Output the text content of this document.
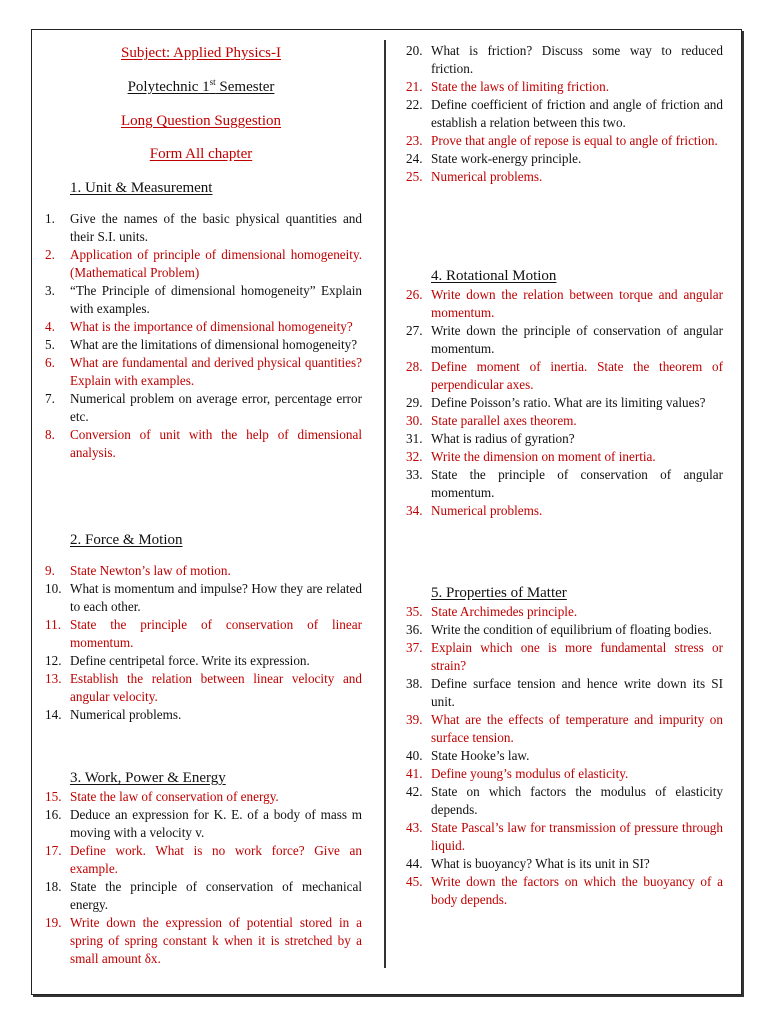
Subject: Applied Physics-I
Polytechnic 1st Semester
Long Question Suggestion
Form All chapter
1. Unit & Measurement
1.	Give the names of the basic physical quantities and their S.I. units.
2.	Application of principle of dimensional homogeneity. (Mathematical Problem)
3.	“The Principle of dimensional homogeneity” Explain with examples.
4.	What is the importance of dimensional homogeneity?
5.	What are the limitations of dimensional homogeneity?
6.	What are fundamental and derived physical quantities? Explain with examples.
7.	Numerical problem on average error, percentage error etc.
8.	Conversion of unit with the help of dimensional analysis.
2. Force & Motion
9.	State Newton’s law of motion.
10. What is momentum and impulse? How they are related to each other.
11. State the principle of conservation of linear momentum.
12. Define centripetal force. Write its expression.
13. Establish the relation between linear velocity and angular velocity.
14. Numerical problems.
3. Work, Power & Energy
15. State the law of conservation of energy.
16. Deduce an expression for K. E. of a body of mass m moving with a velocity v.
17. Define work. What is no work force? Give an example.
18. State the principle of conservation of mechanical energy.
19. Write down the expression of potential stored in a spring of spring constant k when it is stretched by a small amount δx.
20. What is friction? Discuss some way to reduced friction.
21. State the laws of limiting friction.
22. Define coefficient of friction and angle of friction and establish a relation between this two.
23. Prove that angle of repose is equal to angle of friction.
24. State work-energy principle.
25. Numerical problems.
4. Rotational Motion
26. Write down the relation between torque and angular momentum.
27. Write down the principle of conservation of angular momentum.
28. Define moment of inertia. State the theorem of perpendicular axes.
29. Define Poisson’s ratio. What are its limiting values?
30. State parallel axes theorem.
31. What is radius of gyration?
32. Write the dimension on moment of inertia.
33. State the principle of conservation of angular momentum.
34. Numerical problems.
5. Properties of Matter
35. State Archimedes principle.
36. Write the condition of equilibrium of floating bodies.
37. Explain which one is more fundamental stress or strain?
38. Define surface tension and hence write down its SI unit.
39. What are the effects of temperature and impurity on surface tension.
40. State Hooke’s law.
41. Define young’s modulus of elasticity.
42. State on which factors the modulus of elasticity depends.
43. State Pascal’s law for transmission of pressure through liquid.
44. What is buoyancy? What is its unit in SI?
45. Write down the factors on which the buoyancy of a body depends.
